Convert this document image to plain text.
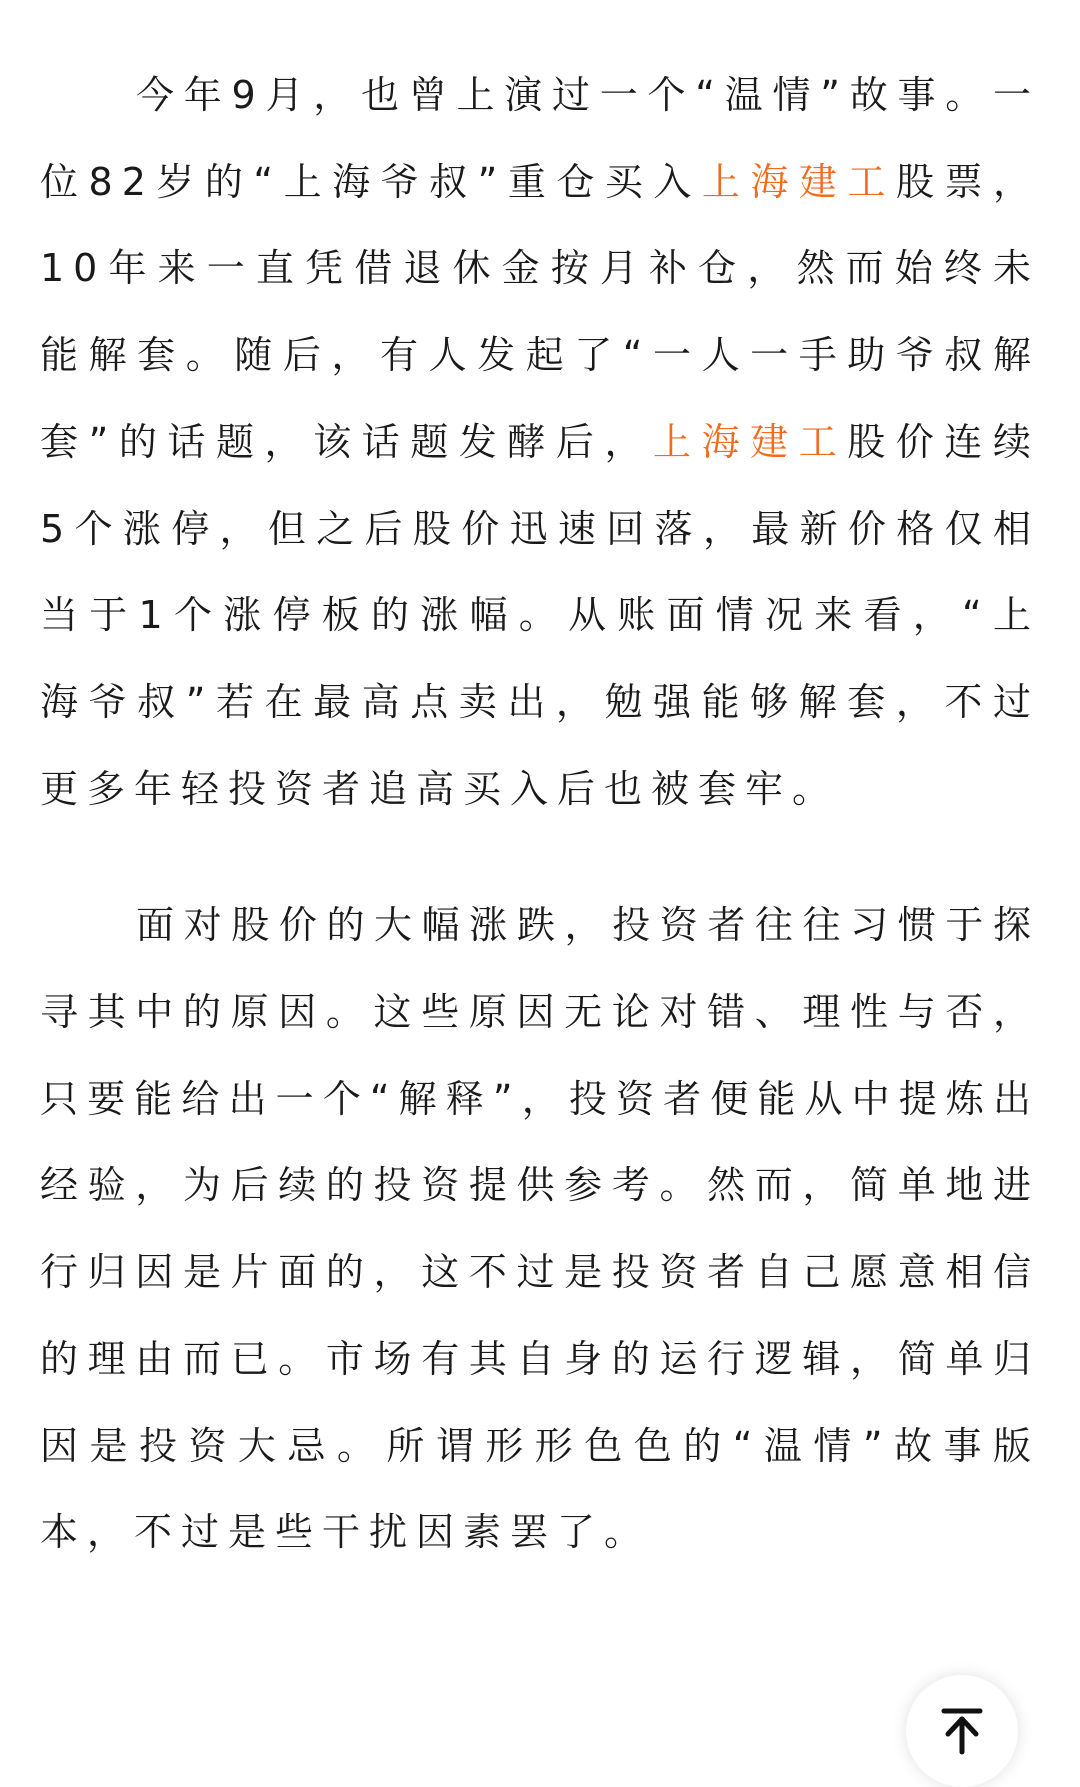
今年9月，也曾上演过一个“温情”故事。一位82岁的“上海爷叔”重仓买入上海建工股票，10年来一直凭借退休金按月补仓，然而始终未能解套。随后，有人发起了“一人一手助爷叔解套”的话题，该话题发酵后，上海建工股价连续5个涨停，但之后股价迅速回落，最新价格仅相当于1个涨停板的涨幅。从账面情况来看，“上海爷叔”若在最高点卖出，勉强能够解套，不过更多年轻投资者追高买入后也被套牢。

面对股价的大幅涨跌，投资者往往习惯于探寻其中的原因。这些原因无论对错、理性与否，只要能给出一个“解释”，投资者便能从中提炼出经验，为后续的投资提供参考。然而，简单地进行归因是片面的，这不过是投资者自己愿意相信的理由而已。市场有其自身的运行逻辑，简单归因是投资大忌。所谓形形色色的“温情”故事版本，不过是些干扰因素罢了。
